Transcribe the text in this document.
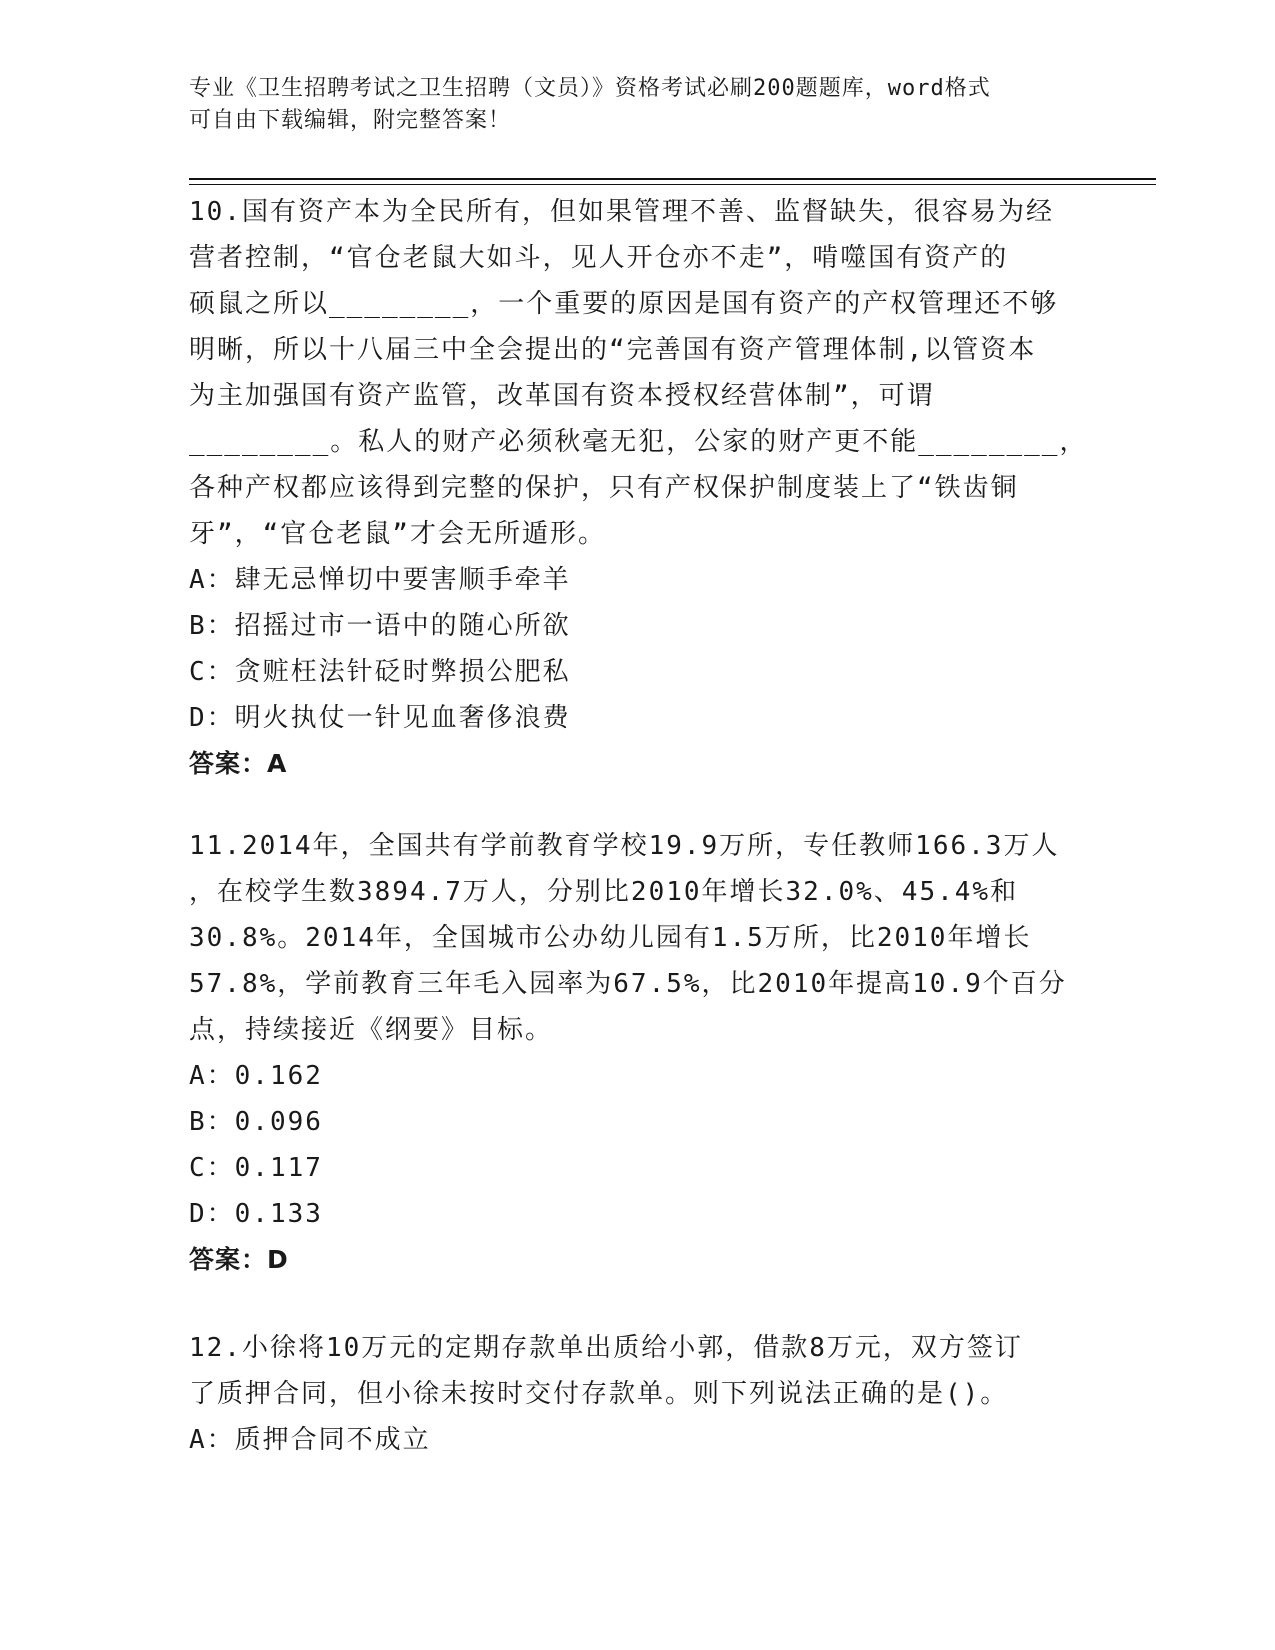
专业《卫生招聘考试之卫生招聘（文员）》资格考试必刷200题题库，word格式
可自由下载编辑，附完整答案！
10.国有资产本为全民所有，但如果管理不善、监督缺失，很容易为经
营者控制，“官仓老鼠大如斗，见人开仓亦不走”，啃噬国有资产的
硕鼠之所以________，一个重要的原因是国有资产的产权管理还不够
明晰，所以十八届三中全会提出的“完善国有资产管理体制,以管资本
为主加强国有资产监管，改革国有资本授权经营体制”，可谓
________。私人的财产必须秋毫无犯，公家的财产更不能________，
各种产权都应该得到完整的保护，只有产权保护制度装上了“铁齿铜
牙”，“官仓老鼠”才会无所遁形。
A：肆无忌惮切中要害顺手牵羊
B：招摇过市一语中的随心所欲
C：贪赃枉法针砭时弊损公肥私
D：明火执仗一针见血奢侈浪费
答案：A
11.2014年，全国共有学前教育学校19.9万所，专任教师166.3万人
，在校学生数3894.7万人，分别比2010年增长32.0%、45.4%和
30.8%。2014年，全国城市公办幼儿园有1.5万所，比2010年增长
57.8%，学前教育三年毛入园率为67.5%，比2010年提高10.9个百分
点，持续接近《纲要》目标。
A：0.162
B：0.096
C：0.117
D：0.133
答案：D
12.小徐将10万元的定期存款单出质给小郭，借款8万元，双方签订
了质押合同，但小徐未按时交付存款单。则下列说法正确的是()。
A：质押合同不成立
